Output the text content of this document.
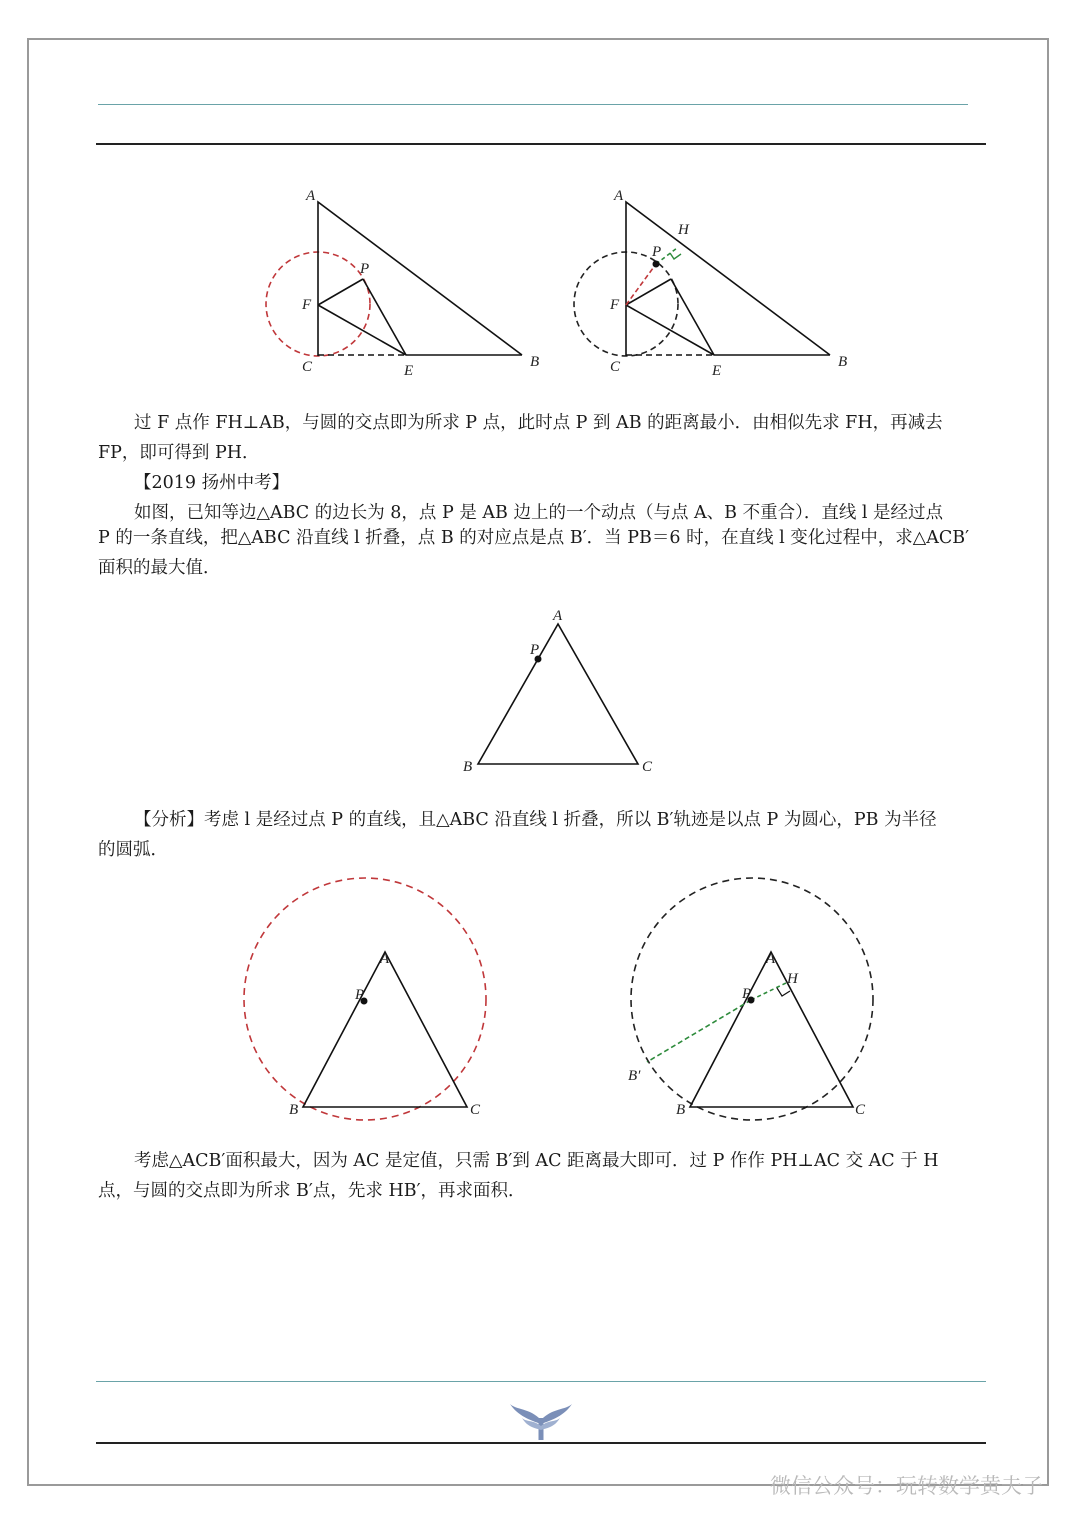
A
P
F
C	E
B
A
H
P
F
C	E
B

过 F 点作 FH⊥AB，与圆的交点即为所求 P 点，此时点 P 到 AB 的距离最小．由相似先求 FH，再减去

FP，即可得到 PH．

【2019 扬州中考】

如图，已知等边△ABC 的边长为 8，点 P 是 AB 边上的一个动点（与点 A、B 不重合）．直线 l 是经过点

P 的一条直线，把△ABC 沿直线 l 折叠，点 B 的对应点是点 B′．当 PB＝6 时，在直线 l 变化过程中，求△ACB′

面积的最大值．

A
P
B	C

【分析】考虑 l 是经过点 P 的直线，且△ABC 沿直线 l 折叠，所以 B′轨迹是以点 P 为圆心，PB 为半径

的圆弧．

A
P
B	C
A
H
P
B′
B	C

考虑△ACB′面积最大，因为 AC 是定值，只需 B′到 AC 距离最大即可．过 P 作作 PH⊥AC 交 AC 于 H

点，与圆的交点即为所求 B′点，先求 HB′，再求面积．

微信公众号：玩转数学黄夫子
